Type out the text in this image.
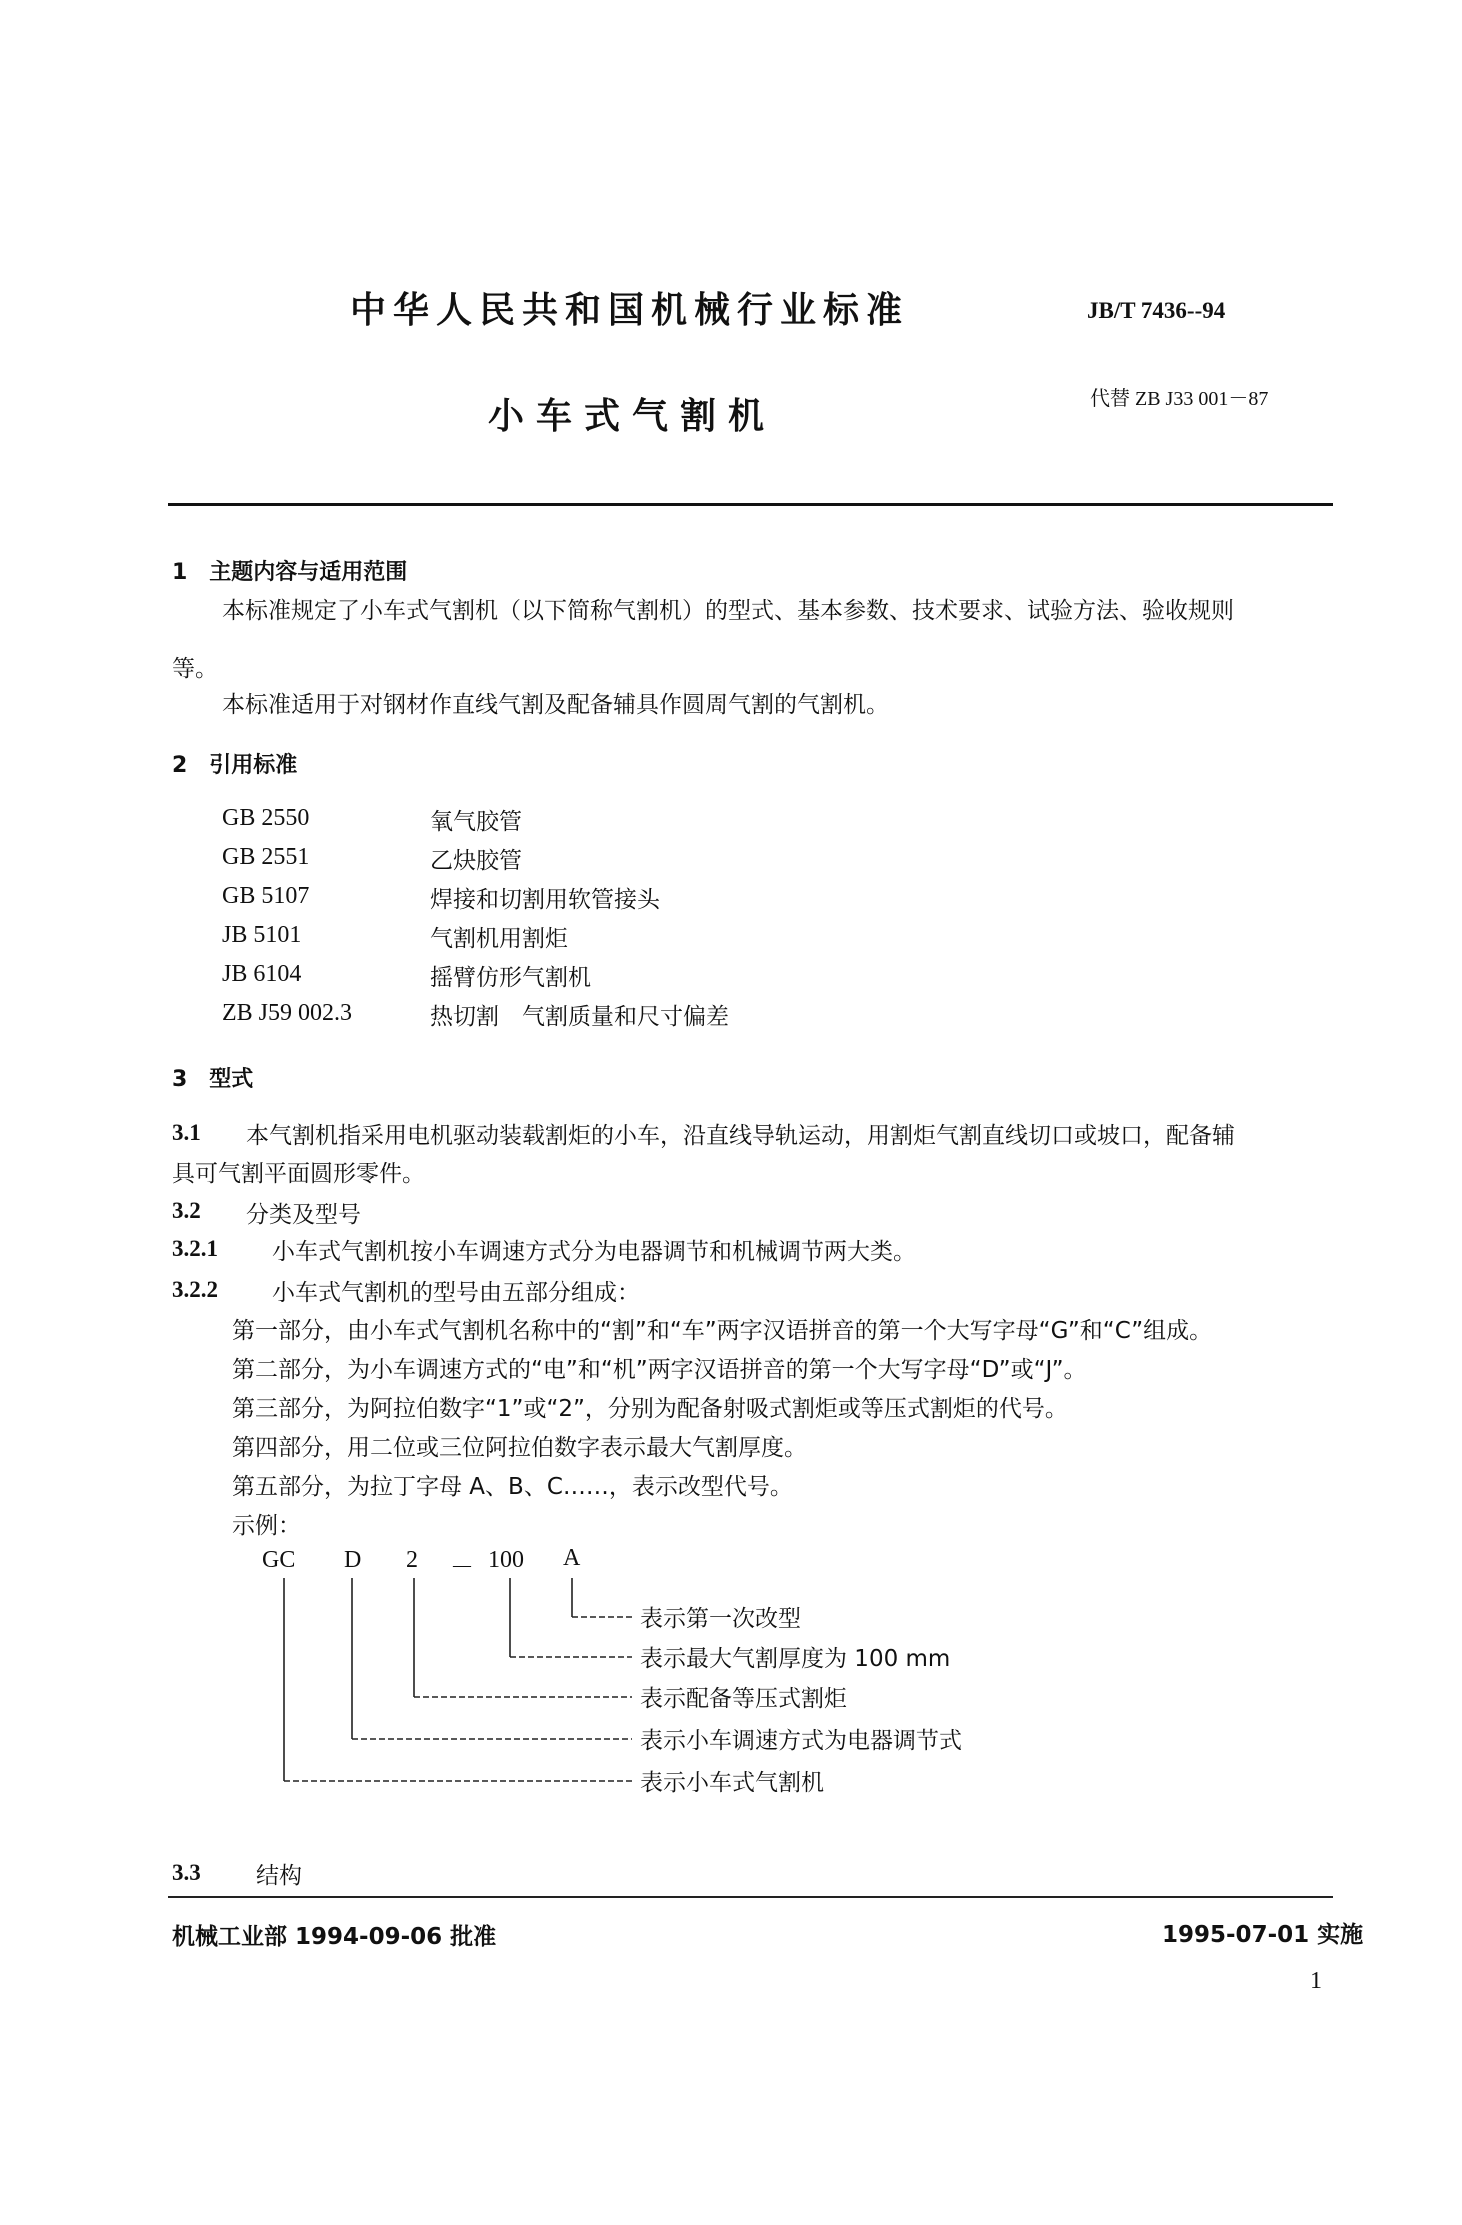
中华人民共和国机械行业标准	JB/T 7436--94
小车式气割机	代替 ZB J33 001－87
1　主题内容与适用范围
本标准规定了小车式气割机（以下简称气割机）的型式、基本参数、技术要求、试验方法、验收规则
等。
本标准适用于对钢材作直线气割及配备辅具作圆周气割的气割机。
2　引用标准
GB 2550	氧气胶管
GB 2551	乙炔胶管
GB 5107	焊接和切割用软管接头
JB 5101	气割机用割炬
JB 6104	摇臂仿形气割机
ZB J59 002.3	热切割　气割质量和尺寸偏差
3　型式
3.1 本气割机指采用电机驱动装载割炬的小车，沿直线导轨运动，用割炬气割直线切口或坡口，配备辅
具可气割平面圆形零件。
3.2 分类及型号
3.2.1 小车式气割机按小车调速方式分为电器调节和机械调节两大类。
3.2.2 小车式气割机的型号由五部分组成：
第一部分，由小车式气割机名称中的“割”和“车”两字汉语拼音的第一个大写字母“G”和“C”组成。
第二部分，为小车调速方式的“电”和“机”两字汉语拼音的第一个大写字母“D”或“J”。
第三部分，为阿拉伯数字“1”或“2”，分别为配备射吸式割炬或等压式割炬的代号。
第四部分，用二位或三位阿拉伯数字表示最大气割厚度。
第五部分，为拉丁字母 A、B、C……，表示改型代号。
示例：
GC D 2 － 100 A
表示第一次改型
表示最大气割厚度为 100 mm
表示配备等压式割炬
表示小车调速方式为电器调节式
表示小车式气割机
3.3 结构
机械工业部 1994-09-06 批准	1995-07-01 实施
1
